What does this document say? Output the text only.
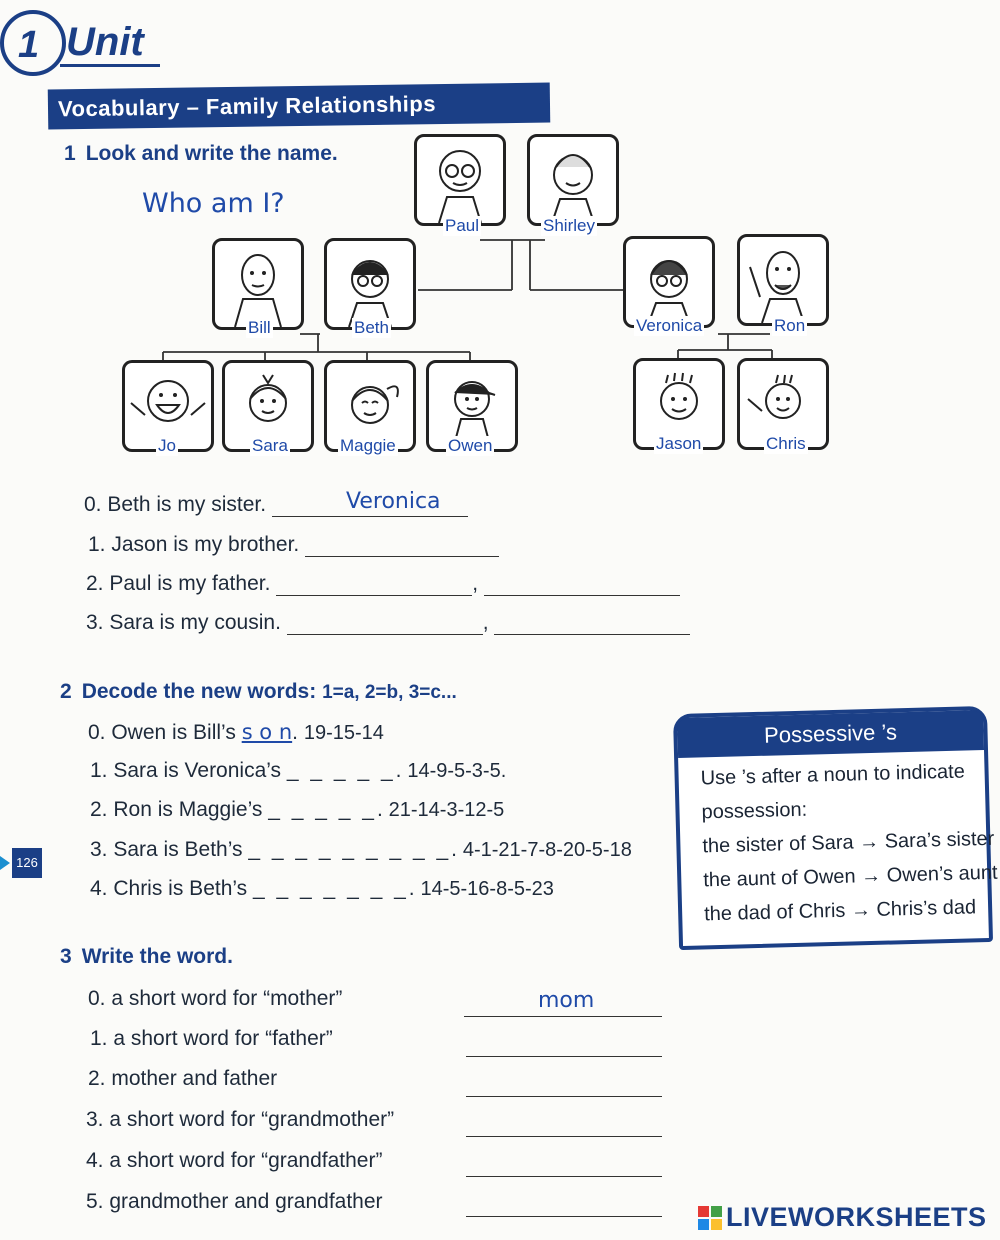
1 Unit
Vocabulary – Family Relationships
1 Look and write the name.
Who am I?
Paul	Shirley
Bill	Beth	Veronica	Ron
Jo	Sara	Maggie	Owen	Jason	Chris
0. Beth is my sister.	Veronica
1. Jason is my brother.
2. Paul is my father.	,
3. Sara is my cousin.	,
2 Decode the new words: 1=a, 2=b, 3=c...
0. Owen is Bill’s s o n. 19-15-14
1. Sara is Veronica’s _ _ _ _ _. 14-9-5-3-5.
2. Ron is Maggie’s _ _ _ _ _. 21-14-3-12-5
3. Sara is Beth’s _ _ _ _ _ _ _ _ _. 4-1-21-7-8-20-5-18
4. Chris is Beth’s _ _ _ _ _ _ _. 14-5-16-8-5-23
126
Possessive ’s
Use ’s after a noun to indicate
possession:
the sister of Sara → Sara’s sister
the aunt of Owen → Owen’s aunt
the dad of Chris → Chris’s dad
3 Write the word.
0. a short word for “mother”	mom
1. a short word for “father”
2. mother and father
3. a short word for “grandmother”
4. a short word for “grandfather”
5. grandmother and grandfather
LIVEWORKSHEETS
